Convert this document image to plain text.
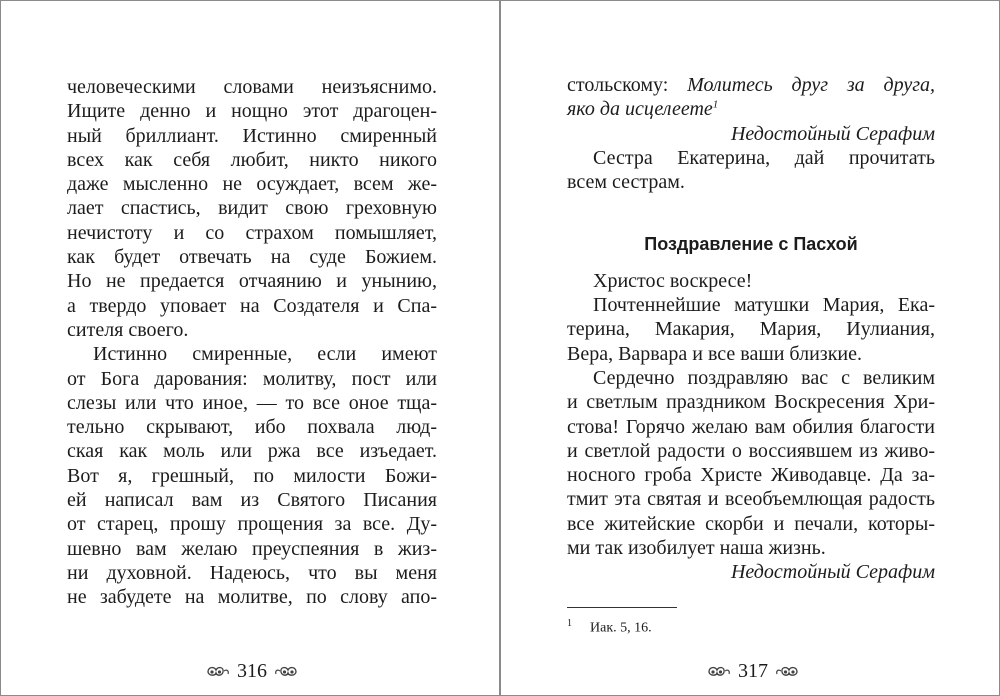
человеческими словами неизъяснимо.
Ищите денно и нощно этот драгоцен-
ный бриллиант. Истинно смиренный
всех как себя любит, никто никого
даже мысленно не осуждает, всем же-
лает спастись, видит свою греховную
нечистоту и со страхом помышляет,
как будет отвечать на суде Божием.
Но не предается отчаянию и унынию,
а твердо уповает на Создателя и Спа-
сителя своего.
Истинно смиренные, если имеют
от Бога дарования: молитву, пост или
слезы или что иное, — то все оное тща-
тельно скрывают, ибо похвала люд-
ская как моль или ржа все изъедает.
Вот я, грешный, по милости Божи-
ей написал вам из Святого Писания
от старец, прошу прощения за все. Ду-
шевно вам желаю преуспеяния в жиз-
ни духовной. Надеюсь, что вы меня
не забудете на молитве, по слову апо-
316
стольскому: Молитесь друг за друга,
яко да исцелеете$^1$
Недостойный Серафим
Сестра Екатерина, дай прочитать
всем сестрам.
Поздравление с Пасхой
Христос воскресе!
Почтеннейшие матушки Мария, Ека-
терина, Макария, Мария, Иулиания,
Вера, Варвара и все ваши близкие.
Сердечно поздравляю вас с великим
и светлым праздником Воскресения Хри-
стова! Горячо желаю вам обилия благости
и светлой радости о воссиявшем из живо-
носного гроба Христе Живодавце. Да за-
тмит эта святая и всеобъемлющая радость
все житейские скорби и печали, которы-
ми так изобилует наша жизнь.
Недостойный Серафим
$^1$ Иак. 5, 16.
317
